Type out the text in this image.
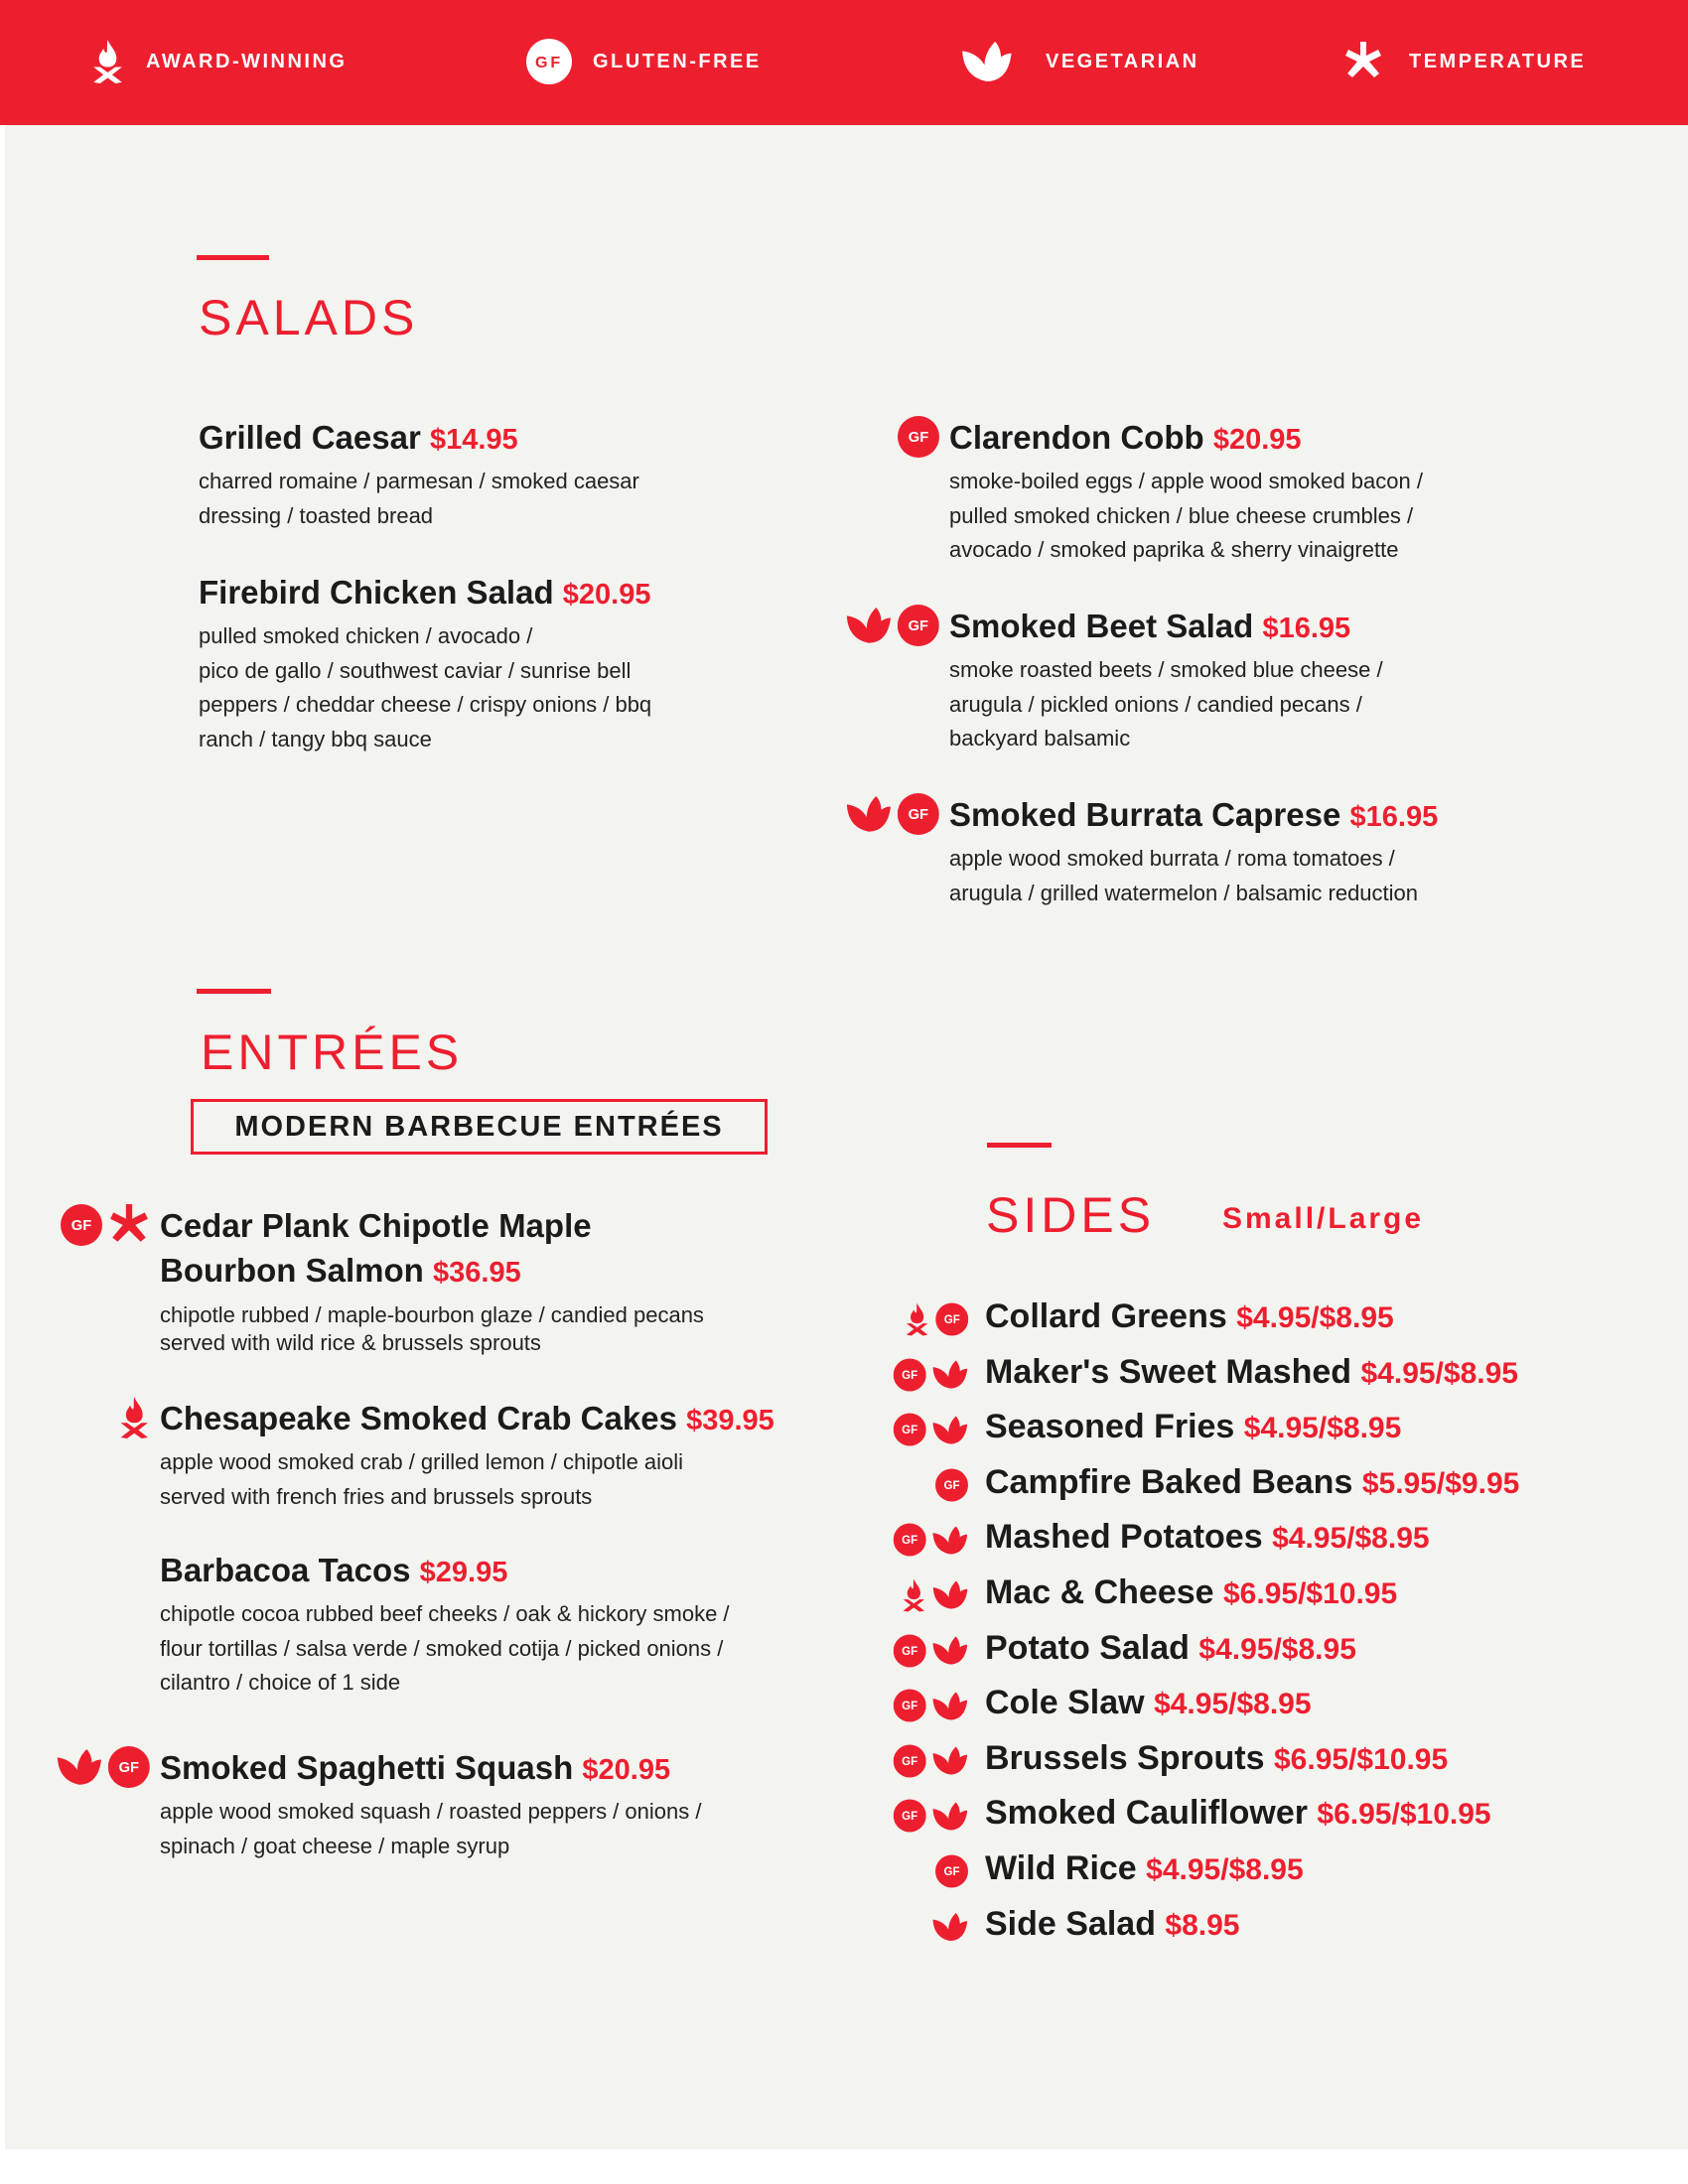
AWARD-WINNING	GF GLUTEN-FREE	VEGETARIAN	TEMPERATURE
SALADS
ENTRÉES
MODERN BARBECUE ENTRÉES
SIDES Small/Large
Grilled Caesar $14.95
charred romaine / parmesan / smoked caesar
dressing / toasted bread
Firebird Chicken Salad $20.95
pulled smoked chicken / avocado /
pico de gallo / southwest caviar / sunrise bell
peppers / cheddar cheese / crispy onions / bbq
ranch / tangy bbq sauce
Clarendon Cobb $20.95
smoke-boiled eggs / apple wood smoked bacon /
pulled smoked chicken / blue cheese crumbles /
avocado / smoked paprika & sherry vinaigrette
GF
Smoked Beet Salad $16.95
smoke roasted beets / smoked blue cheese /
arugula / pickled onions / candied pecans /
backyard balsamic
GF
Smoked Burrata Caprese $16.95
apple wood smoked burrata / roma tomatoes /
arugula / grilled watermelon / balsamic reduction
GF
Cedar Plank Chipotle Maple
Bourbon Salmon $36.95
chipotle rubbed / maple-bourbon glaze / candied pecans
served with wild rice & brussels sprouts
GF
Chesapeake Smoked Crab Cakes $39.95
apple wood smoked crab / grilled lemon / chipotle aioli
served with french fries and brussels sprouts
Barbacoa Tacos $29.95
chipotle cocoa rubbed beef cheeks / oak & hickory smoke /
flour tortillas / salsa verde / smoked cotija / picked onions /
cilantro / choice of 1 side
Smoked Spaghetti Squash $20.95
apple wood smoked squash / roasted peppers / onions /
spinach / goat cheese / maple syrup
GF
Collard Greens $4.95/$8.95
GF
Maker's Sweet Mashed $4.95/$8.95
GF
Seasoned Fries $4.95/$8.95
GF
Campfire Baked Beans $5.95/$9.95
GF
Mashed Potatoes $4.95/$8.95
GF
Mac & Cheese $6.95/$10.95
Potato Salad $4.95/$8.95
GF
Cole Slaw $4.95/$8.95
GF
Brussels Sprouts $6.95/$10.95
GF
Smoked Cauliflower $6.95/$10.95
GF
Wild Rice $4.95/$8.95
GF
Side Salad $8.95
